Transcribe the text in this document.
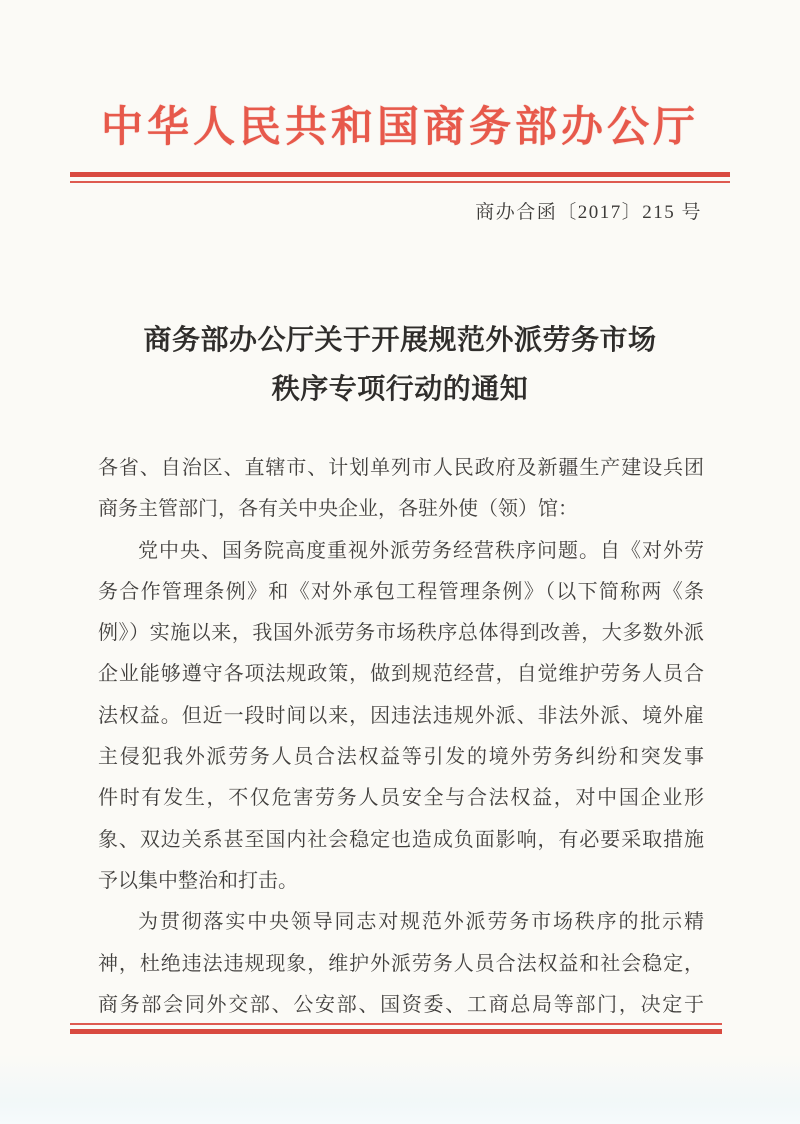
中华人民共和国商务部办公厅
商办合函〔2017〕215 号
商务部办公厅关于开展规范外派劳务市场
秩序专项行动的通知
各省、自治区、直辖市、计划单列市人民政府及新疆生产建设兵团
商务主管部门，各有关中央企业，各驻外使（领）馆：
党中央、国务院高度重视外派劳务经营秩序问题。自《对外劳
务合作管理条例》和《对外承包工程管理条例》（以下简称两《条
例》）实施以来，我国外派劳务市场秩序总体得到改善，大多数外派
企业能够遵守各项法规政策，做到规范经营，自觉维护劳务人员合
法权益。但近一段时间以来，因违法违规外派、非法外派、境外雇
主侵犯我外派劳务人员合法权益等引发的境外劳务纠纷和突发事
件时有发生，不仅危害劳务人员安全与合法权益，对中国企业形
象、双边关系甚至国内社会稳定也造成负面影响，有必要采取措施
予以集中整治和打击。
为贯彻落实中央领导同志对规范外派劳务市场秩序的批示精
神，杜绝违法违规现象，维护外派劳务人员合法权益和社会稳定，
商务部会同外交部、公安部、国资委、工商总局等部门，决定于
